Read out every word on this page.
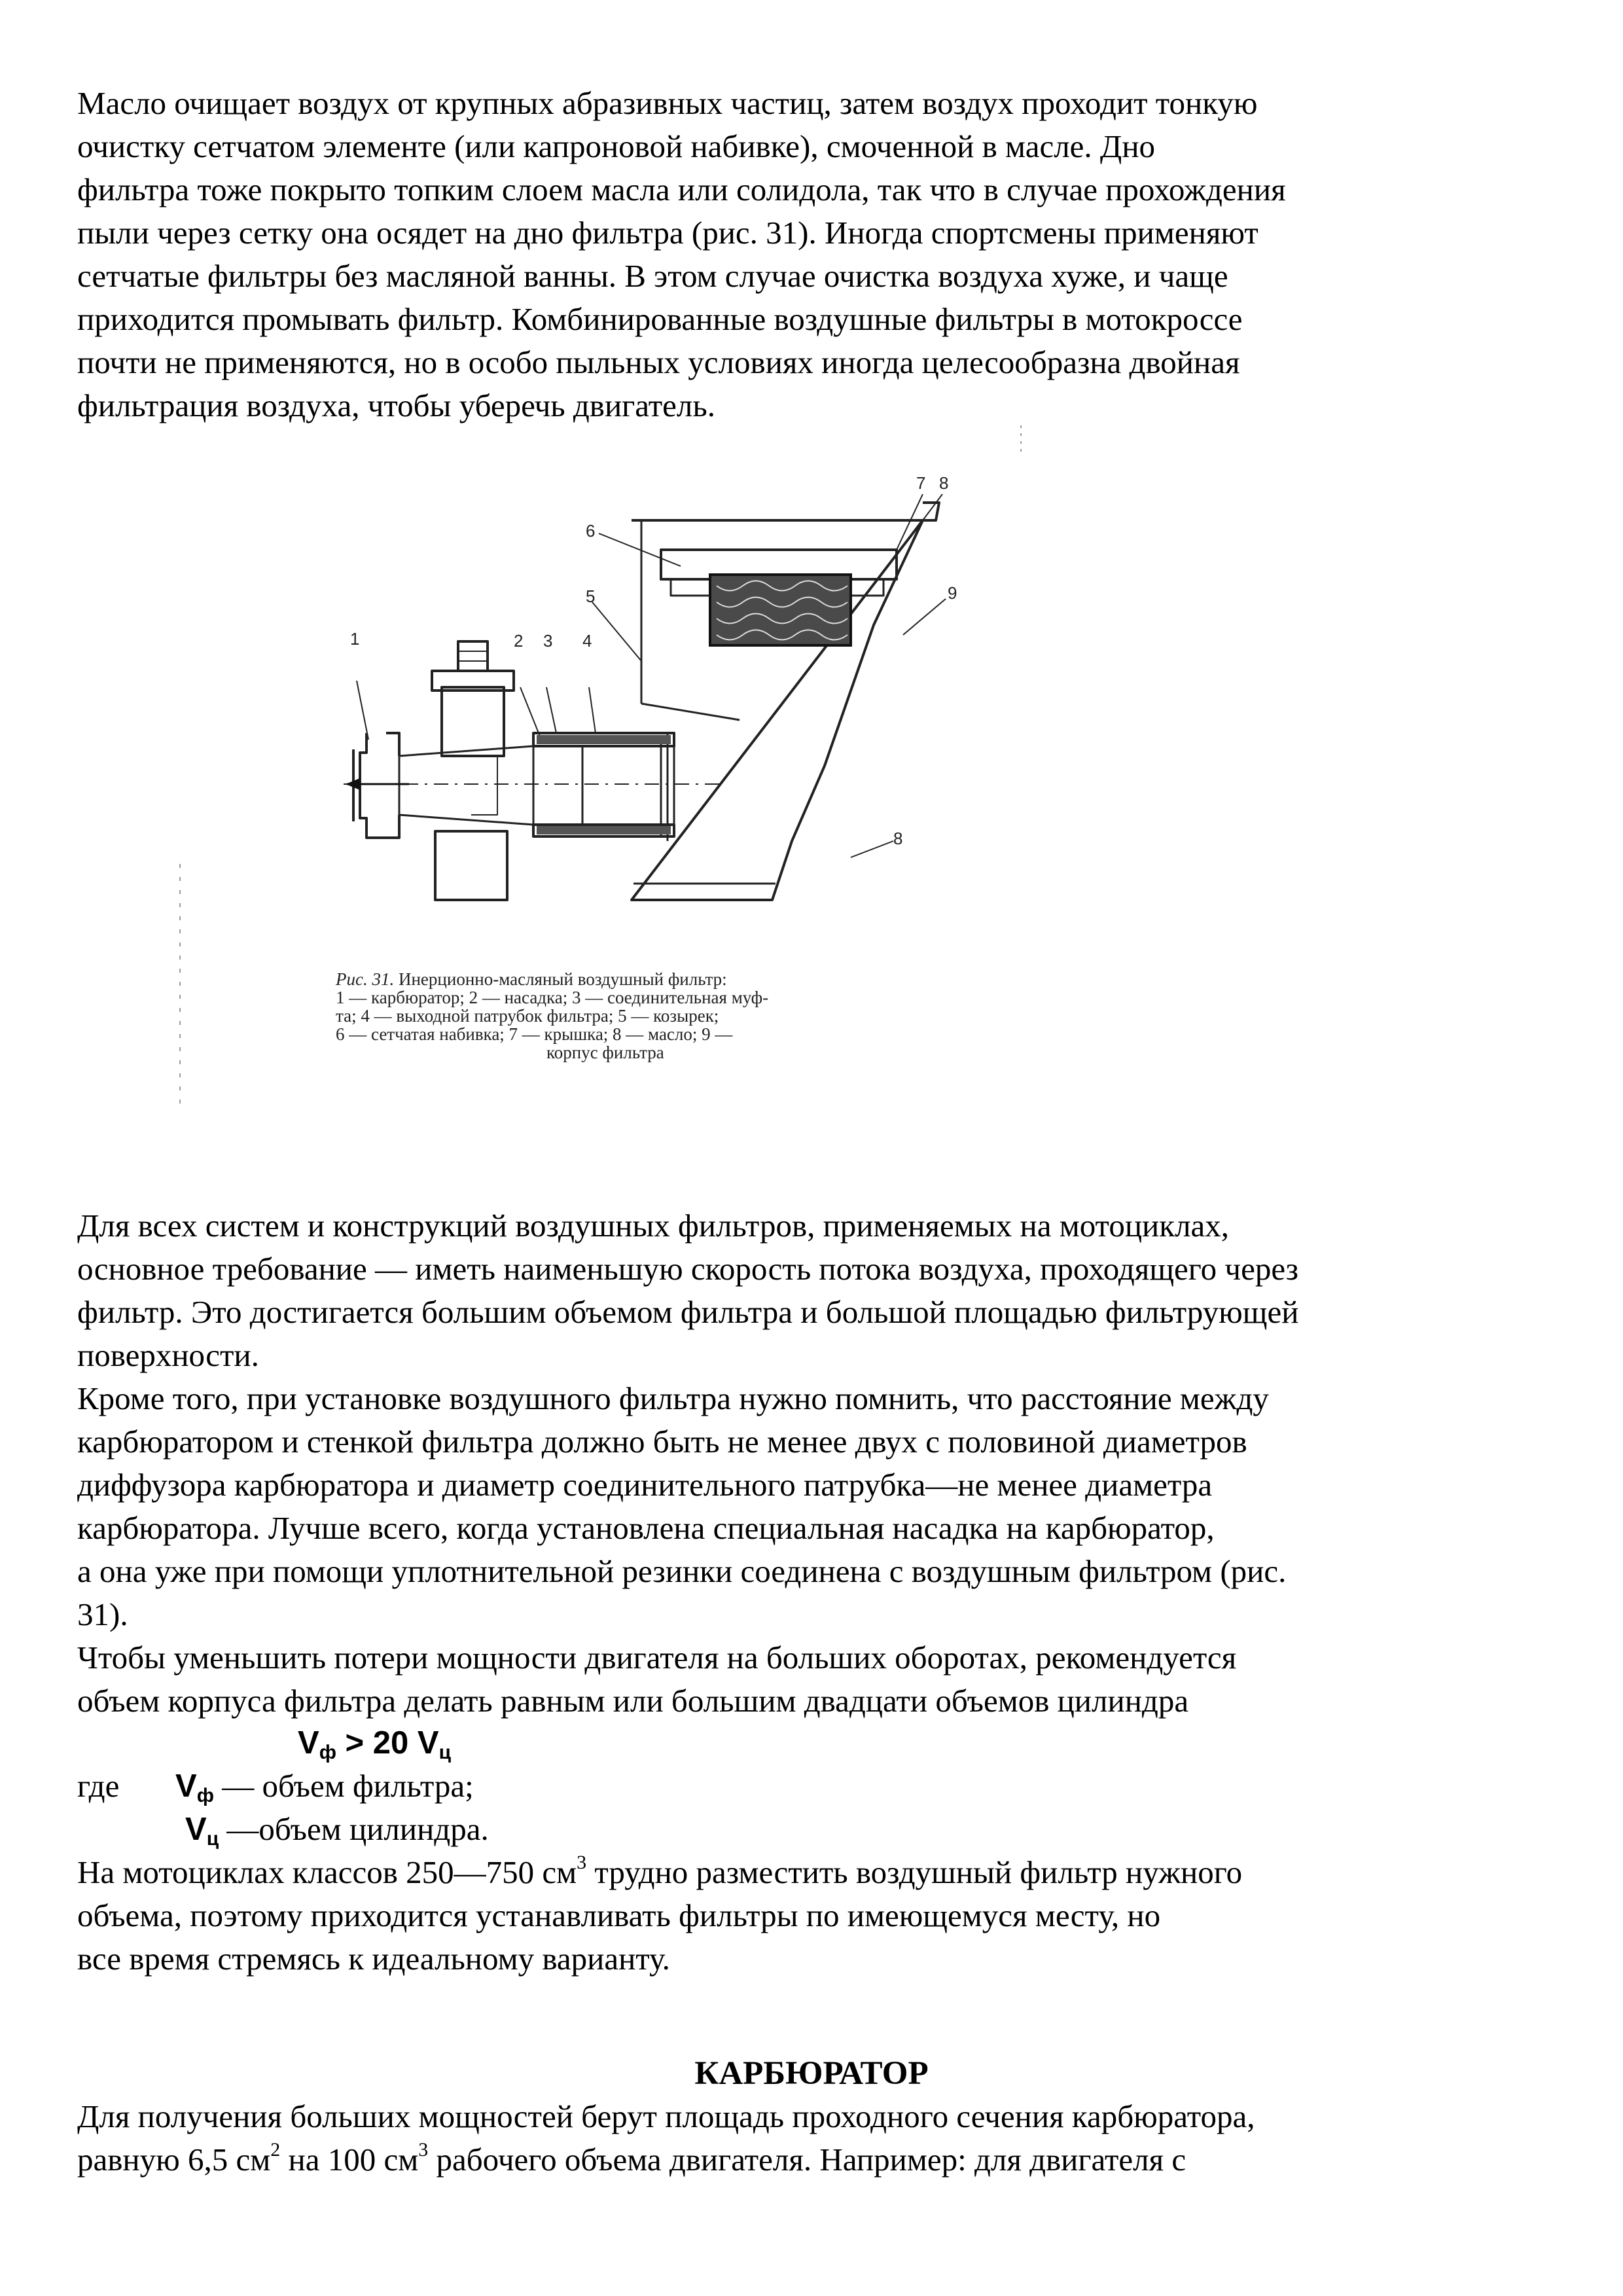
Масло очищает воздух от крупных абразивных частиц, затем воздух проходит тонкую
очистку сетчатом элементе (или капроновой набивке), смоченной в масле. Дно
фильтра тоже покрыто топким слоем масла или солидола, так что в случае прохождения
пыли через сетку она осядет на дно фильтра (рис. 31). Иногда спортсмены применяют
сетчатые фильтры без масляной ванны. В этом случае очистка воздуха хуже, и чаще
приходится промывать фильтр. Комбинированные воздушные фильтры в мотокроссе
почти не применяются, но в особо пыльных условиях иногда целесообразна двойная
фильтрация воздуха, чтобы уберечь двигатель.
1	2 3 4
5
6
7 8
9
8
Рис. 31. Инерционно-масляный воздушный фильтр:
1 — карбюратор; 2 — насадка; 3 — соединительная муф-
та; 4 — выходной патрубок фильтра; 5 — козырек;
6 — сетчатая набивка; 7 — крышка; 8 — масло; 9 —
корпус фильтра
Для всех систем и конструкций воздушных фильтров, применяемых на мотоциклах,
основное требование — иметь наименьшую скорость потока воздуха, проходящего через
фильтр. Это достигается большим объемом фильтра и большой площадью фильтрующей
поверхности.
Кроме того, при установке воздушного фильтра нужно помнить, что расстояние между
карбюратором и стенкой фильтра должно быть не менее двух с половиной диаметров
диффузора карбюратора и диаметр соединительного патрубка—не менее диаметра
карбюратора. Лучше всего, когда установлена специальная насадка на карбюратор,
а она уже при помощи уплотнительной резинки соединена с воздушным фильтром (рис.
31).
Чтобы уменьшить потери мощности двигателя на больших оборотах, рекомендуется
объем корпуса фильтра делать равным или большим двадцати объемов цилиндра
$V_ф > 20$ $V_ц$
где $V_ф$ — объем фильтра;
$V_ц$ —объем цилиндра.
На мотоциклах классов 250—750 $см^3$ трудно разместить воздушный фильтр нужного
объема, поэтому приходится устанавливать фильтры по имеющемуся месту, но
все время стремясь к идеальному варианту.
КАРБЮРАТОР
Для получения больших мощностей берут площадь проходного сечения карбюратора,
равную 6,5 $см^2$ на 100 $см^3$ рабочего объема двигателя. Например: для двигателя с
